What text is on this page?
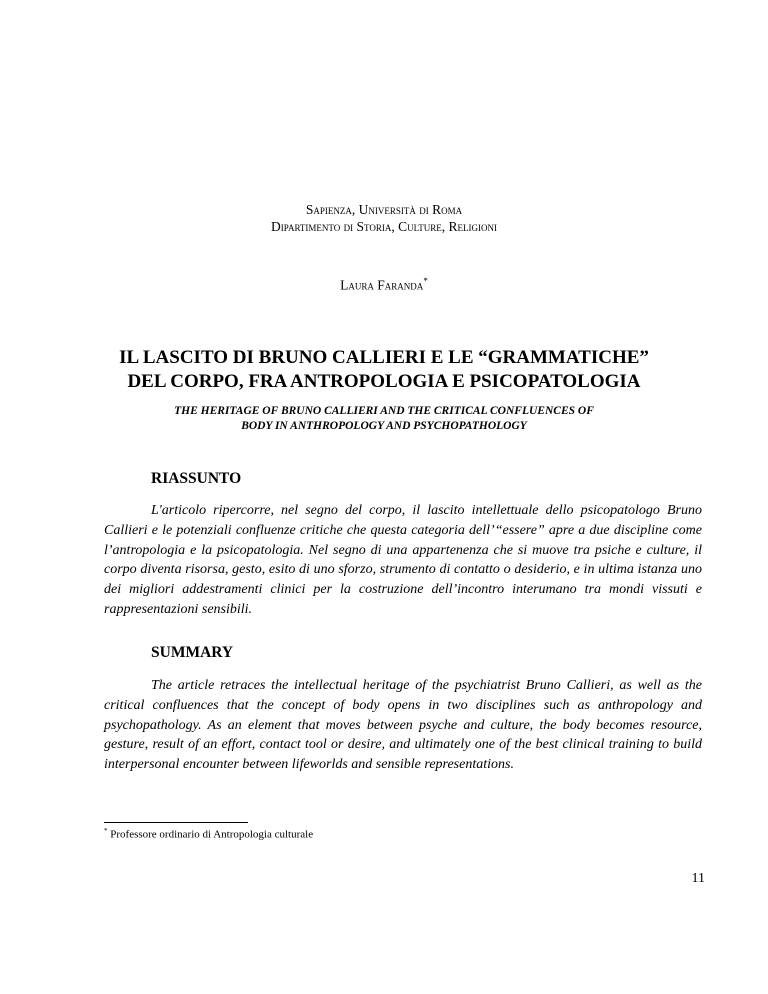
Sapienza, Università di Roma
Dipartimento di Storia, Culture, Religioni
Laura Faranda*
IL LASCITO DI BRUNO CALLIERI E LE “GRAMMATICHE”
DEL CORPO, FRA ANTROPOLOGIA E PSICOPATOLOGIA
THE HERITAGE OF BRUNO CALLIERI AND THE CRITICAL CONFLUENCES OF
BODY IN ANTHROPOLOGY AND PSYCHOPATHOLOGY
RIASSUNTO

L'articolo ripercorre, nel segno del corpo, il lascito intellettuale dello psicopatologo Bruno Callieri e le potenziali confluenze critiche che questa categoria dell’“essere” apre a due discipline come l’antropologia e la psicopatologia. Nel segno di una appartenenza che si muove tra psiche e culture, il corpo diventa risorsa, gesto, esito di uno sforzo, strumento di contatto o desiderio, e in ultima istanza uno dei migliori addestramenti clinici per la costruzione dell’incontro interumano tra mondi vissuti e rappresentazioni sensibili.

SUMMARY

The article retraces the intellectual heritage of the psychiatrist Bruno Callieri, as well as the critical confluences that the concept of body opens in two disciplines such as anthropology and psychopathology. As an element that moves between psyche and culture, the body becomes resource, gesture, result of an effort, contact tool or desire, and ultimately one of the best clinical training to build interpersonal encounter between lifeworlds and sensible representations.

* Professore ordinario di Antropologia culturale
11
